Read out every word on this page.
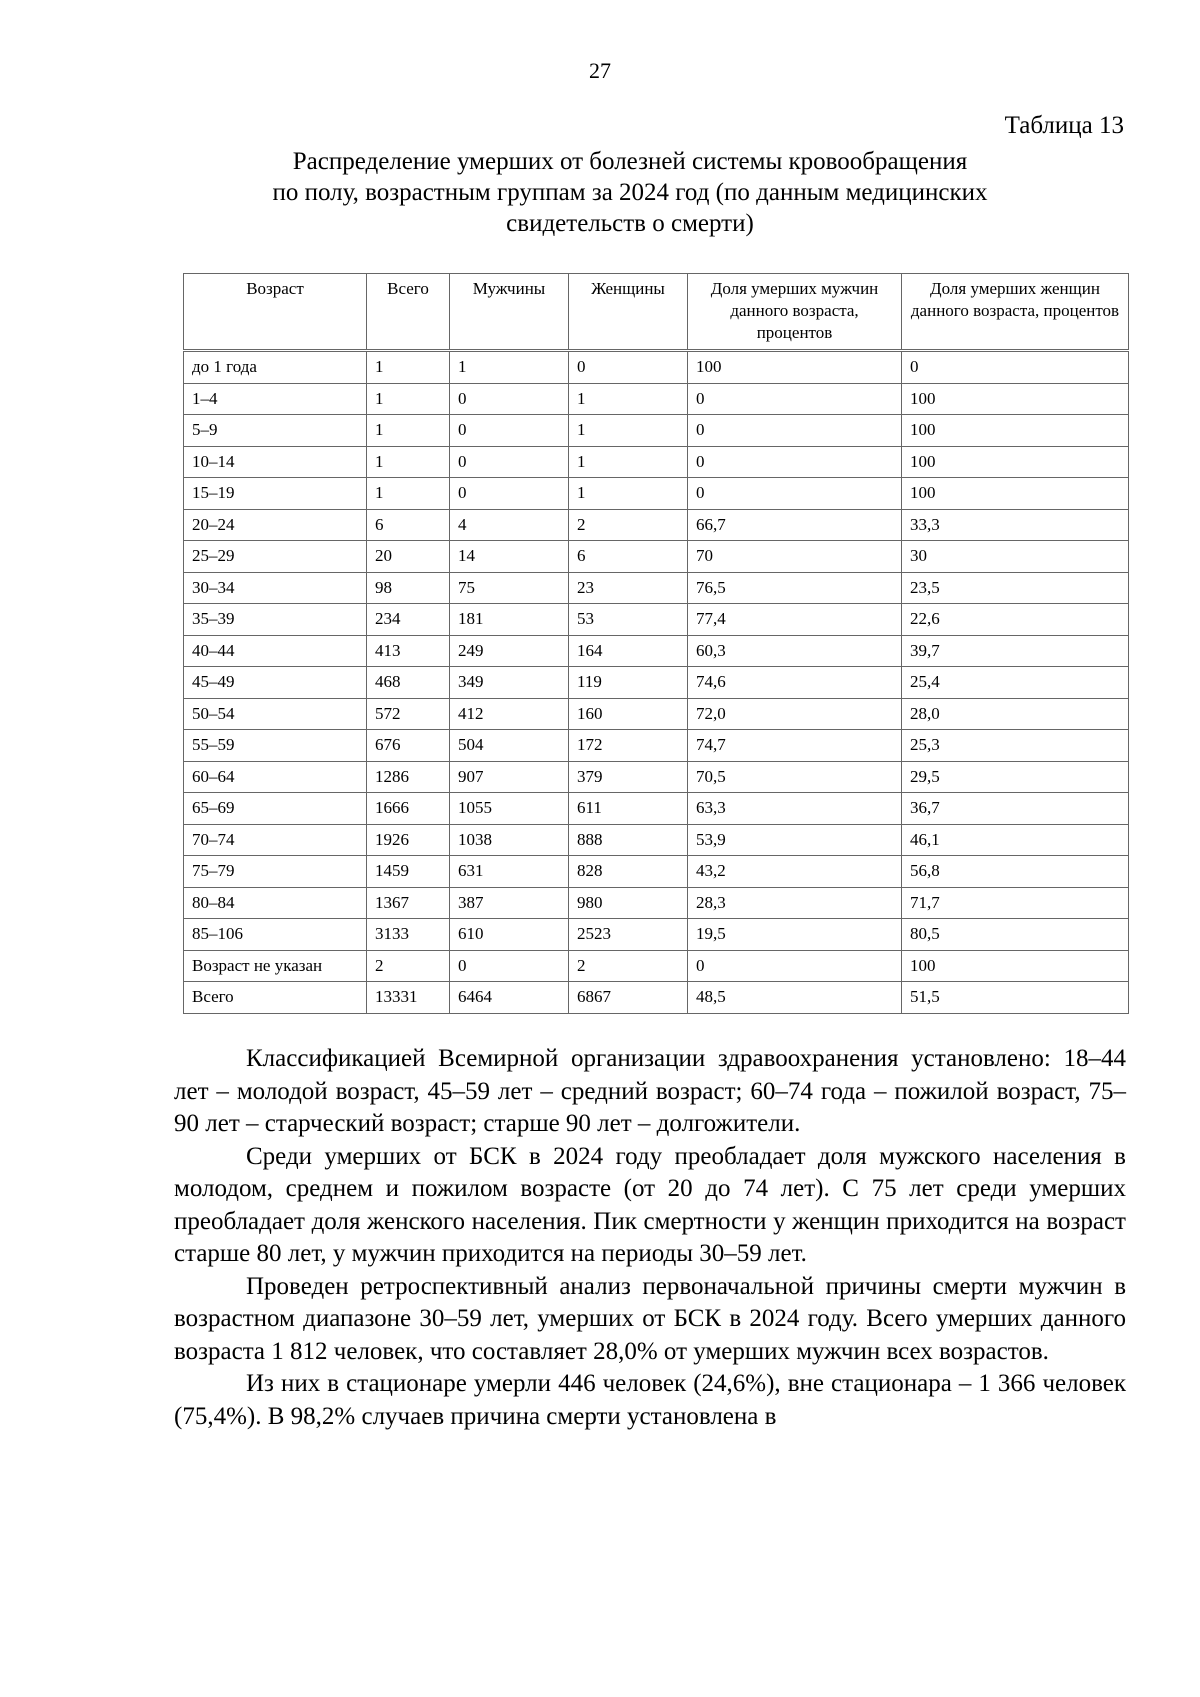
27
Таблица 13
Распределение умерших от болезней системы кровообращения
по полу, возрастным группам за 2024 год (по данным медицинских
свидетельств о смерти)
Возраст	Всего	Мужчины	Женщины	Доля умерших мужчин данного возраста, процентов	Доля умерших женщин данного возраста, процентов
до 1 года	1	1	0	100	0
1–4	1	0	1	0	100
5–9	1	0	1	0	100
10–14	1	0	1	0	100
15–19	1	0	1	0	100
20–24	6	4	2	66,7	33,3
25–29	20	14	6	70	30
30–34	98	75	23	76,5	23,5
35–39	234	181	53	77,4	22,6
40–44	413	249	164	60,3	39,7
45–49	468	349	119	74,6	25,4
50–54	572	412	160	72,0	28,0
55–59	676	504	172	74,7	25,3
60–64	1286	907	379	70,5	29,5
65–69	1666	1055	611	63,3	36,7
70–74	1926	1038	888	53,9	46,1
75–79	1459	631	828	43,2	56,8
80–84	1367	387	980	28,3	71,7
85–106	3133	610	2523	19,5	80,5
Возраст не указан	2	0	2	0	100
Всего	13331	6464	6867	48,5	51,5

Классификацией Всемирной организации здравоохранения установлено: 18–44 лет – молодой возраст, 45–59 лет – средний возраст; 60–74 года – пожилой возраст, 75–90 лет – старческий возраст; старше 90 лет – долгожители.

Среди умерших от БСК в 2024 году преобладает доля мужского населения в молодом, среднем и пожилом возрасте (от 20 до 74 лет). С 75 лет среди умерших преобладает доля женского населения. Пик смертности у женщин приходится на возраст старше 80 лет, у мужчин приходится на периоды 30–59 лет.

Проведен ретроспективный анализ первоначальной причины смерти мужчин в возрастном диапазоне 30–59 лет, умерших от БСК в 2024 году. Всего умерших данного возраста 1 812 человек, что составляет 28,0% от умерших мужчин всех возрастов.

Из них в стационаре умерли 446 человек (24,6%), вне стационара – 1 366 человек (75,4%). В 98,2% случаев причина смерти установлена в
